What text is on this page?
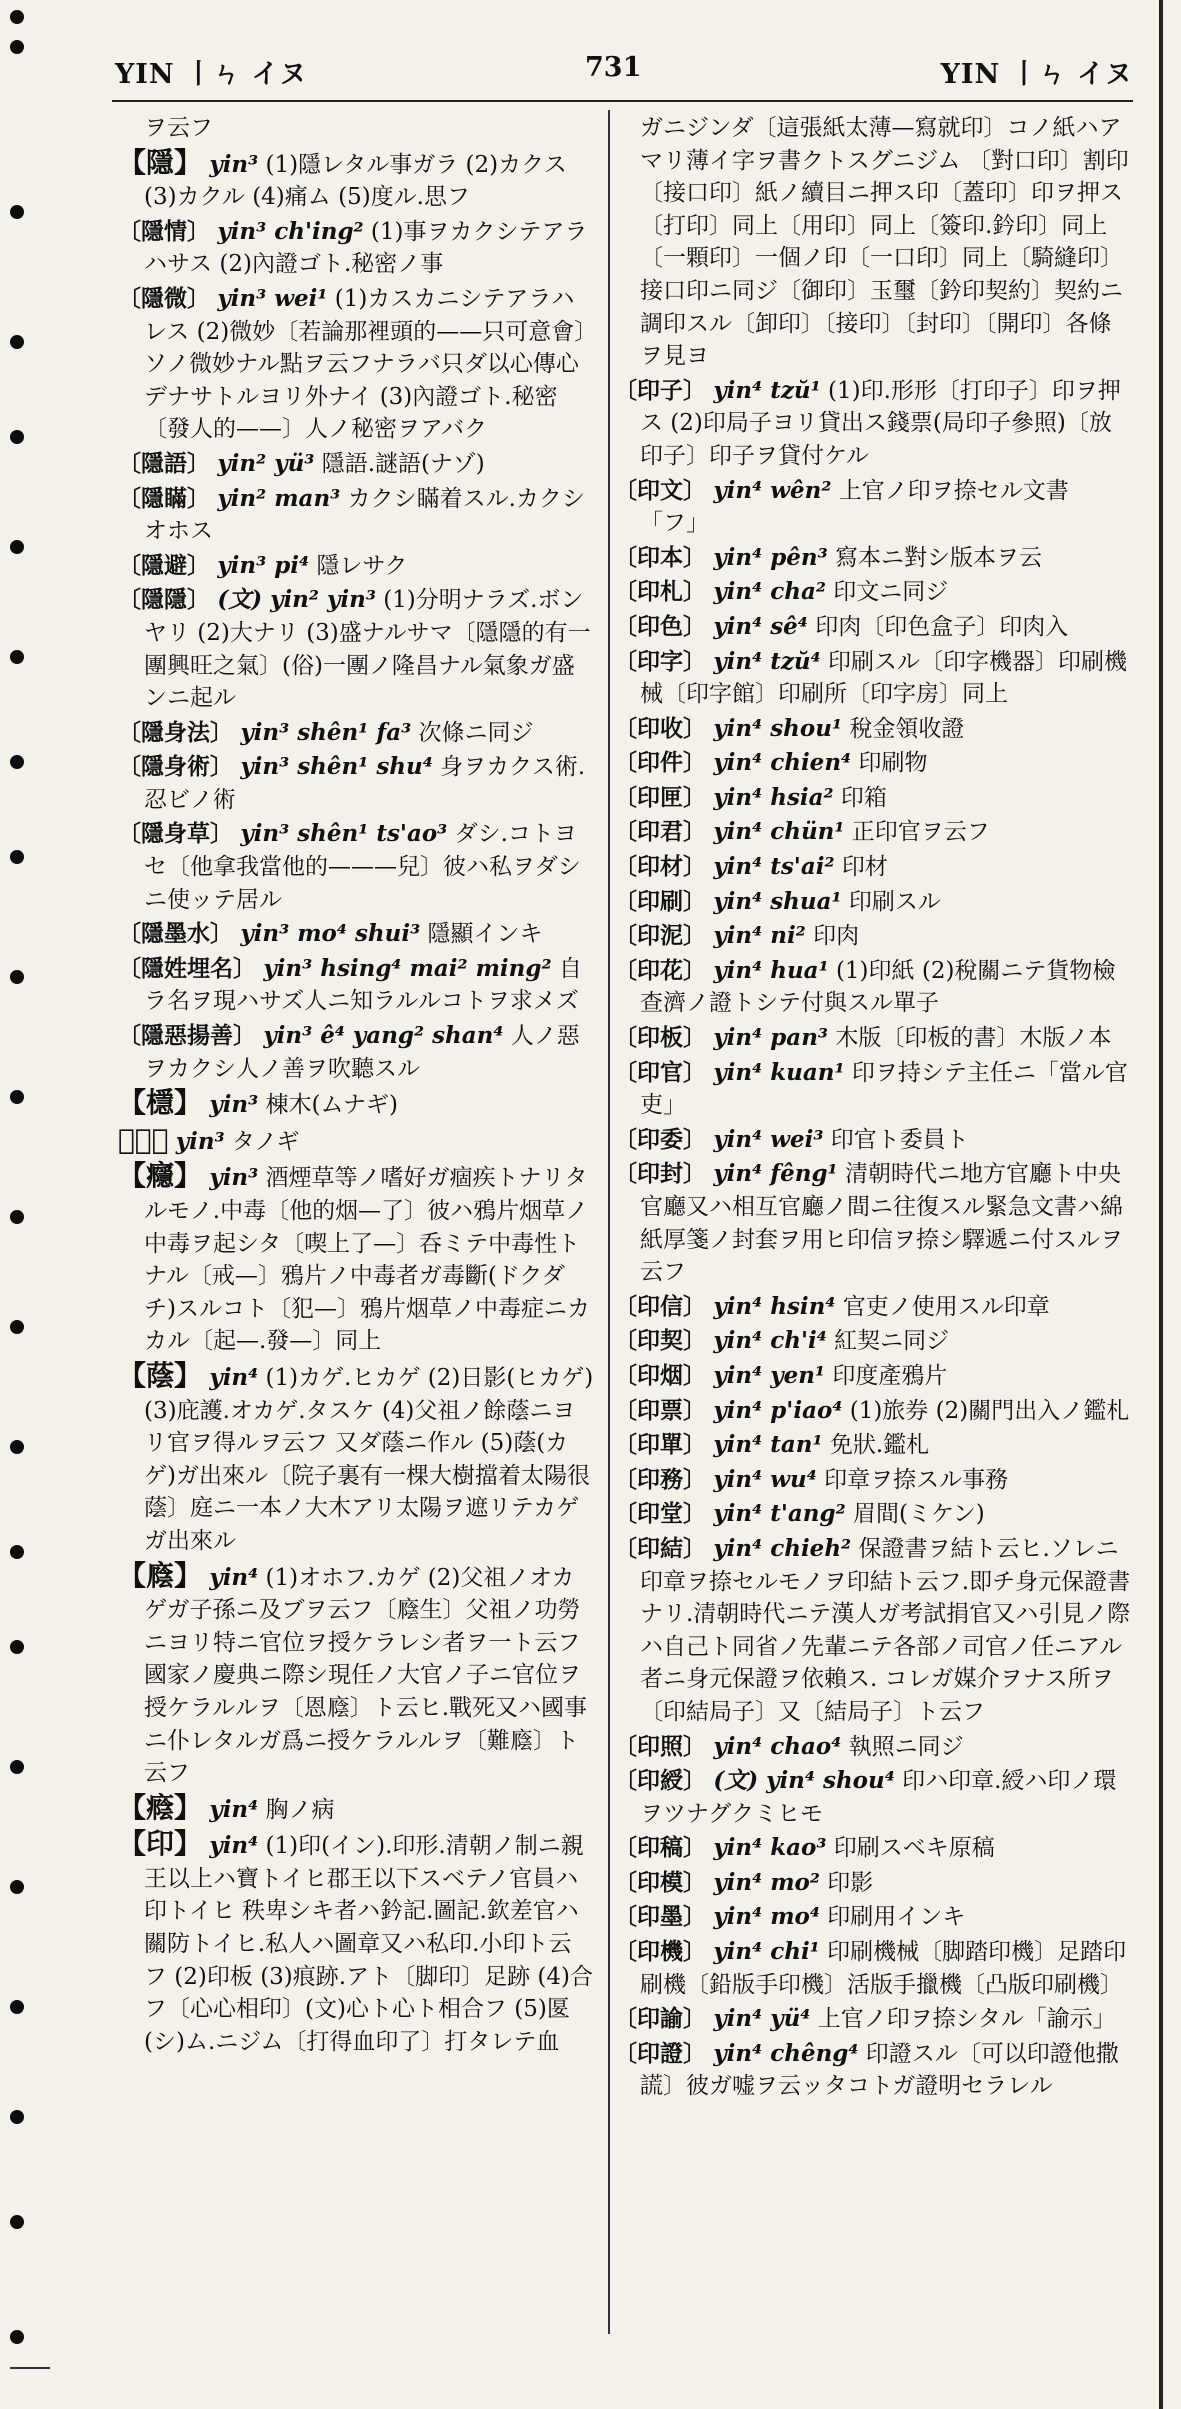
YIN 丨ㄣ イヌ	731	YIN 丨ㄣ イヌ

ヲ云フ

【隱】 yin³ (1)隱レタル事ガラ (2)カクス (3)カクル (4)痛ム (5)度ル.思フ

〔隱情〕 yin³ ch'ing² (1)事ヲカクシテアラハサス (2)內證ゴト.秘密ノ事

〔隱微〕 yin³ wei¹ (1)カスカニシテアラハレス (2)微妙〔若論那裡頭的——只可意會〕ソノ微妙ナル點ヲ云フナラバ只ダ以心傳心デナサトルヨリ外ナイ (3)內證ゴト.秘密〔發人的——〕人ノ秘密ヲアバク

〔隱語〕 yin² yü³ 隱語.謎語(ナゾ)

〔隱瞞〕 yin² man³ カクシ瞞着スル.カクシオホス

〔隱避〕 yin³ pi⁴ 隱レサク

〔隱隱〕 (文) yin² yin³ (1)分明ナラズ.ボンヤリ (2)大ナリ (3)盛ナルサマ〔隱隱的有一團興旺之氣〕(俗)一團ノ隆昌ナル氣象ガ盛ンニ起ル

〔隱身法〕 yin³ shên¹ fa³ 次條ニ同ジ

〔隱身術〕 yin³ shên¹ shu⁴ 身ヲカクス術.忍ビノ術

〔隱身草〕 yin³ shên¹ ts'ao³ ダシ.コトヨセ〔他拿我當他的———兒〕彼ハ私ヲダシニ使ッテ居ル

〔隱墨水〕 yin³ mo⁴ shui³ 隱顯インキ

〔隱姓埋名〕 yin³ hsing⁴ mai² ming² 自ラ名ヲ現ハサズ人ニ知ラルルコトヲ求メズ

〔隱惡揚善〕 yin³ ê⁴ yang² shan⁴ 人ノ惡ヲカクシ人ノ善ヲ吹聽スル

【檼】 yin³ 棟木(ムナギ)

【𨼆】 yin³ タノギ

【癮】 yin³ 酒煙草等ノ嗜好ガ痼疾トナリタルモノ.中毒〔他的烟—了〕彼ハ鴉片烟草ノ中毒ヲ起シタ〔喫上了—〕呑ミテ中毒性トナル〔戒—〕鴉片ノ中毒者ガ毒斷(ドクダチ)スルコト〔犯—〕鴉片烟草ノ中毒症ニカカル〔起—.發—〕同上

【蔭】 yin⁴ (1)カゲ.ヒカゲ (2)日影(ヒカゲ) (3)庇護.オカゲ.タスケ (4)父祖ノ餘蔭ニヨリ官ヲ得ルヲ云フ 又ダ蔭ニ作ル (5)蔭(カゲ)ガ出來ル〔院子裏有一棵大樹擋着太陽很蔭〕庭ニ一本ノ大木アリ太陽ヲ遮リテカゲガ出來ル

【廕】 yin⁴ (1)オホフ.カゲ (2)父祖ノオカゲガ子孫ニ及ブヲ云フ〔廕生〕父祖ノ功勞ニヨリ特ニ官位ヲ授ケラレシ者ヲ一ト云フ 國家ノ慶典ニ際シ現任ノ大官ノ子ニ官位ヲ授ケラルルヲ〔恩廕〕ト云ヒ.戰死又ハ國事ニ仆レタルガ爲ニ授ケラルルヲ〔難廕〕ト云フ

【癊】 yin⁴ 胸ノ病

【印】 yin⁴ (1)印(イン).印形.清朝ノ制ニ親王以上ハ寶トイヒ郡王以下スベテノ官員ハ印トイヒ 秩卑シキ者ハ鈐記.圖記.欽差官ハ關防トイヒ.私人ハ圖章又ハ私印.小印ト云フ (2)印板 (3)痕跡.アト〔脚印〕足跡 (4)合フ〔心心相印〕(文)心ト心ト相合フ (5)匽(シ)ム.ニジム〔打得血印了〕打タレテ血

ガニジンダ〔這張紙太薄—寫就印〕コノ紙ハアマリ薄イ字ヲ書クトスグニジム 〔對口印〕割印〔接口印〕紙ノ續目ニ押ス印〔蓋印〕印ヲ押ス〔打印〕同上〔用印〕同上〔簽印.鈐印〕同上〔一顆印〕一個ノ印〔一口印〕同上〔騎縫印〕接口印ニ同ジ〔御印〕玉璽〔鈐印契約〕契約ニ調印スル〔卸印〕〔接印〕〔封印〕〔開印〕各條ヲ見ヨ

〔印子〕 yin⁴ tzŭ¹ (1)印.形形〔打印子〕印ヲ押ス (2)印局子ヨリ貸出ス錢票(局印子參照)〔放印子〕印子ヲ貸付ケル

〔印文〕 yin⁴ wên² 上官ノ印ヲ捺セル文書 「フ」

〔印本〕 yin⁴ pên³ 寫本ニ對シ版本ヲ云

〔印札〕 yin⁴ cha² 印文ニ同ジ

〔印色〕 yin⁴ sê⁴ 印肉〔印色盒子〕印肉入

〔印字〕 yin⁴ tzŭ⁴ 印刷スル〔印字機器〕印刷機械〔印字館〕印刷所〔印字房〕同上

〔印收〕 yin⁴ shou¹ 稅金領收證

〔印件〕 yin⁴ chien⁴ 印刷物

〔印匣〕 yin⁴ hsia² 印箱

〔印君〕 yin⁴ chün¹ 正印官ヲ云フ

〔印材〕 yin⁴ ts'ai² 印材

〔印刷〕 yin⁴ shua¹ 印刷スル

〔印泥〕 yin⁴ ni² 印肉

〔印花〕 yin⁴ hua¹ (1)印紙 (2)稅關ニテ貨物檢查濟ノ證トシテ付與スル單子

〔印板〕 yin⁴ pan³ 木版〔印板的書〕木版ノ本

〔印官〕 yin⁴ kuan¹ 印ヲ持シテ主任ニ「當ル官吏」

〔印委〕 yin⁴ wei³ 印官ト委員ト

〔印封〕 yin⁴ fêng¹ 清朝時代ニ地方官廳ト中央官廳又ハ相互官廳ノ間ニ往復スル緊急文書ハ綿紙厚箋ノ封套ヲ用ヒ印信ヲ捺シ驛遞ニ付スルヲ云フ

〔印信〕 yin⁴ hsin⁴ 官吏ノ使用スル印章

〔印契〕 yin⁴ ch'i⁴ 紅契ニ同ジ

〔印烟〕 yin⁴ yen¹ 印度產鴉片

〔印票〕 yin⁴ p'iao⁴ (1)旅券 (2)關門出入ノ鑑札

〔印單〕 yin⁴ tan¹ 免狀.鑑札

〔印務〕 yin⁴ wu⁴ 印章ヲ捺スル事務

〔印堂〕 yin⁴ t'ang² 眉間(ミケン)

〔印結〕 yin⁴ chieh² 保證書ヲ結ト云ヒ.ソレニ印章ヲ捺セルモノヲ印結ト云フ.即チ身元保證書ナリ.清朝時代ニテ漢人ガ考試捐官又ハ引見ノ際ハ自己ト同省ノ先輩ニテ各部ノ司官ノ任ニアル者ニ身元保證ヲ依賴ス. コレガ媒介ヲナス所ヲ〔印結局子〕又〔結局子〕ト云フ

〔印照〕 yin⁴ chao⁴ 執照ニ同ジ

〔印綬〕 (文) yin⁴ shou⁴ 印ハ印章.綬ハ印ノ環ヲツナグクミヒモ

〔印稿〕 yin⁴ kao³ 印刷スベキ原稿

〔印模〕 yin⁴ mo² 印影

〔印墨〕 yin⁴ mo⁴ 印刷用インキ

〔印機〕 yin⁴ chi¹ 印刷機械〔脚踏印機〕足踏印刷機〔鉛版手印機〕活版手擸機〔凸版印刷機〕

〔印諭〕 yin⁴ yü⁴ 上官ノ印ヲ捺シタル「諭示」

〔印證〕 yin⁴ chêng⁴ 印證スル〔可以印證他撒謊〕彼ガ嘘ヲ云ッタコトガ證明セラレル
